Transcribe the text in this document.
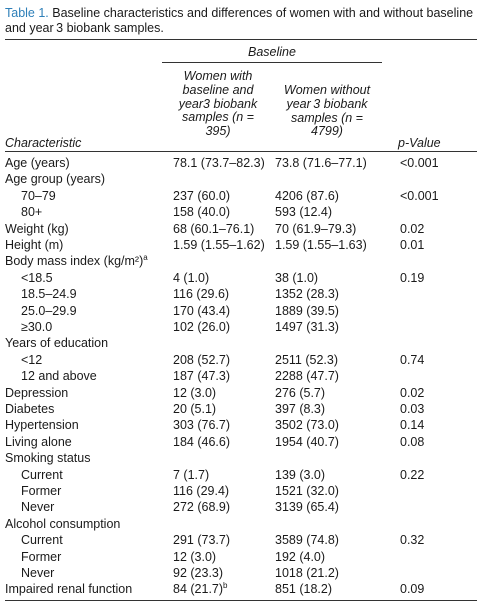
Table 1. Baseline characteristics and differences of women with and without baseline and year 3 biobank samples.
Baseline
Women with
baseline and
year3 biobank
samples (n =
395)
Women without
year 3 biobank
samples (n =
4799)
Characteristic	p-Value
Age (years)	78.1 (73.7–82.3) 73.8 (71.6–77.1)	<0.001
Age group (years)
70–79	237 (60.0)	4206 (87.6)	<0.001
80+	158 (40.0)	593 (12.4)
Weight (kg)	68 (60.1–76.1) 70 (61.9–79.3)	0.02
Height (m)	1.59 (1.55–1.62) 1.59 (1.55–1.63)	0.01
Body mass index $(kg/m^2)^a$
<18.5	4 (1.0)	38 (1.0)	0.19
18.5–24.9	116 (29.6)	1352 (28.3)
25.0–29.9	170 (43.4)	1889 (39.5)
≥30.0	102 (26.0)	1497 (31.3)
Years of education
<12	208 (52.7)	2511 (52.3)	0.74
12 and above	187 (47.3)	2288 (47.7)
Depression	12 (3.0)	276 (5.7)	0.02
Diabetes	20 (5.1)	397 (8.3)	0.03
Hypertension	303 (76.7)	3502 (73.0)	0.14
Living alone	184 (46.6)	1954 (40.7)	0.08
Smoking status
Current	7 (1.7)	139 (3.0)	0.22
Former	116 (29.4)	1521 (32.0)
Never	272 (68.9)	3139 (65.4)
Alcohol consumption
Current	291 (73.7)	3589 (74.8)	0.32
Former	12 (3.0)	192 (4.0)
Never	92 (23.3)	1018 (21.2)
Impaired renal function	84 $(21.7)^b$	851 (18.2)	0.09
